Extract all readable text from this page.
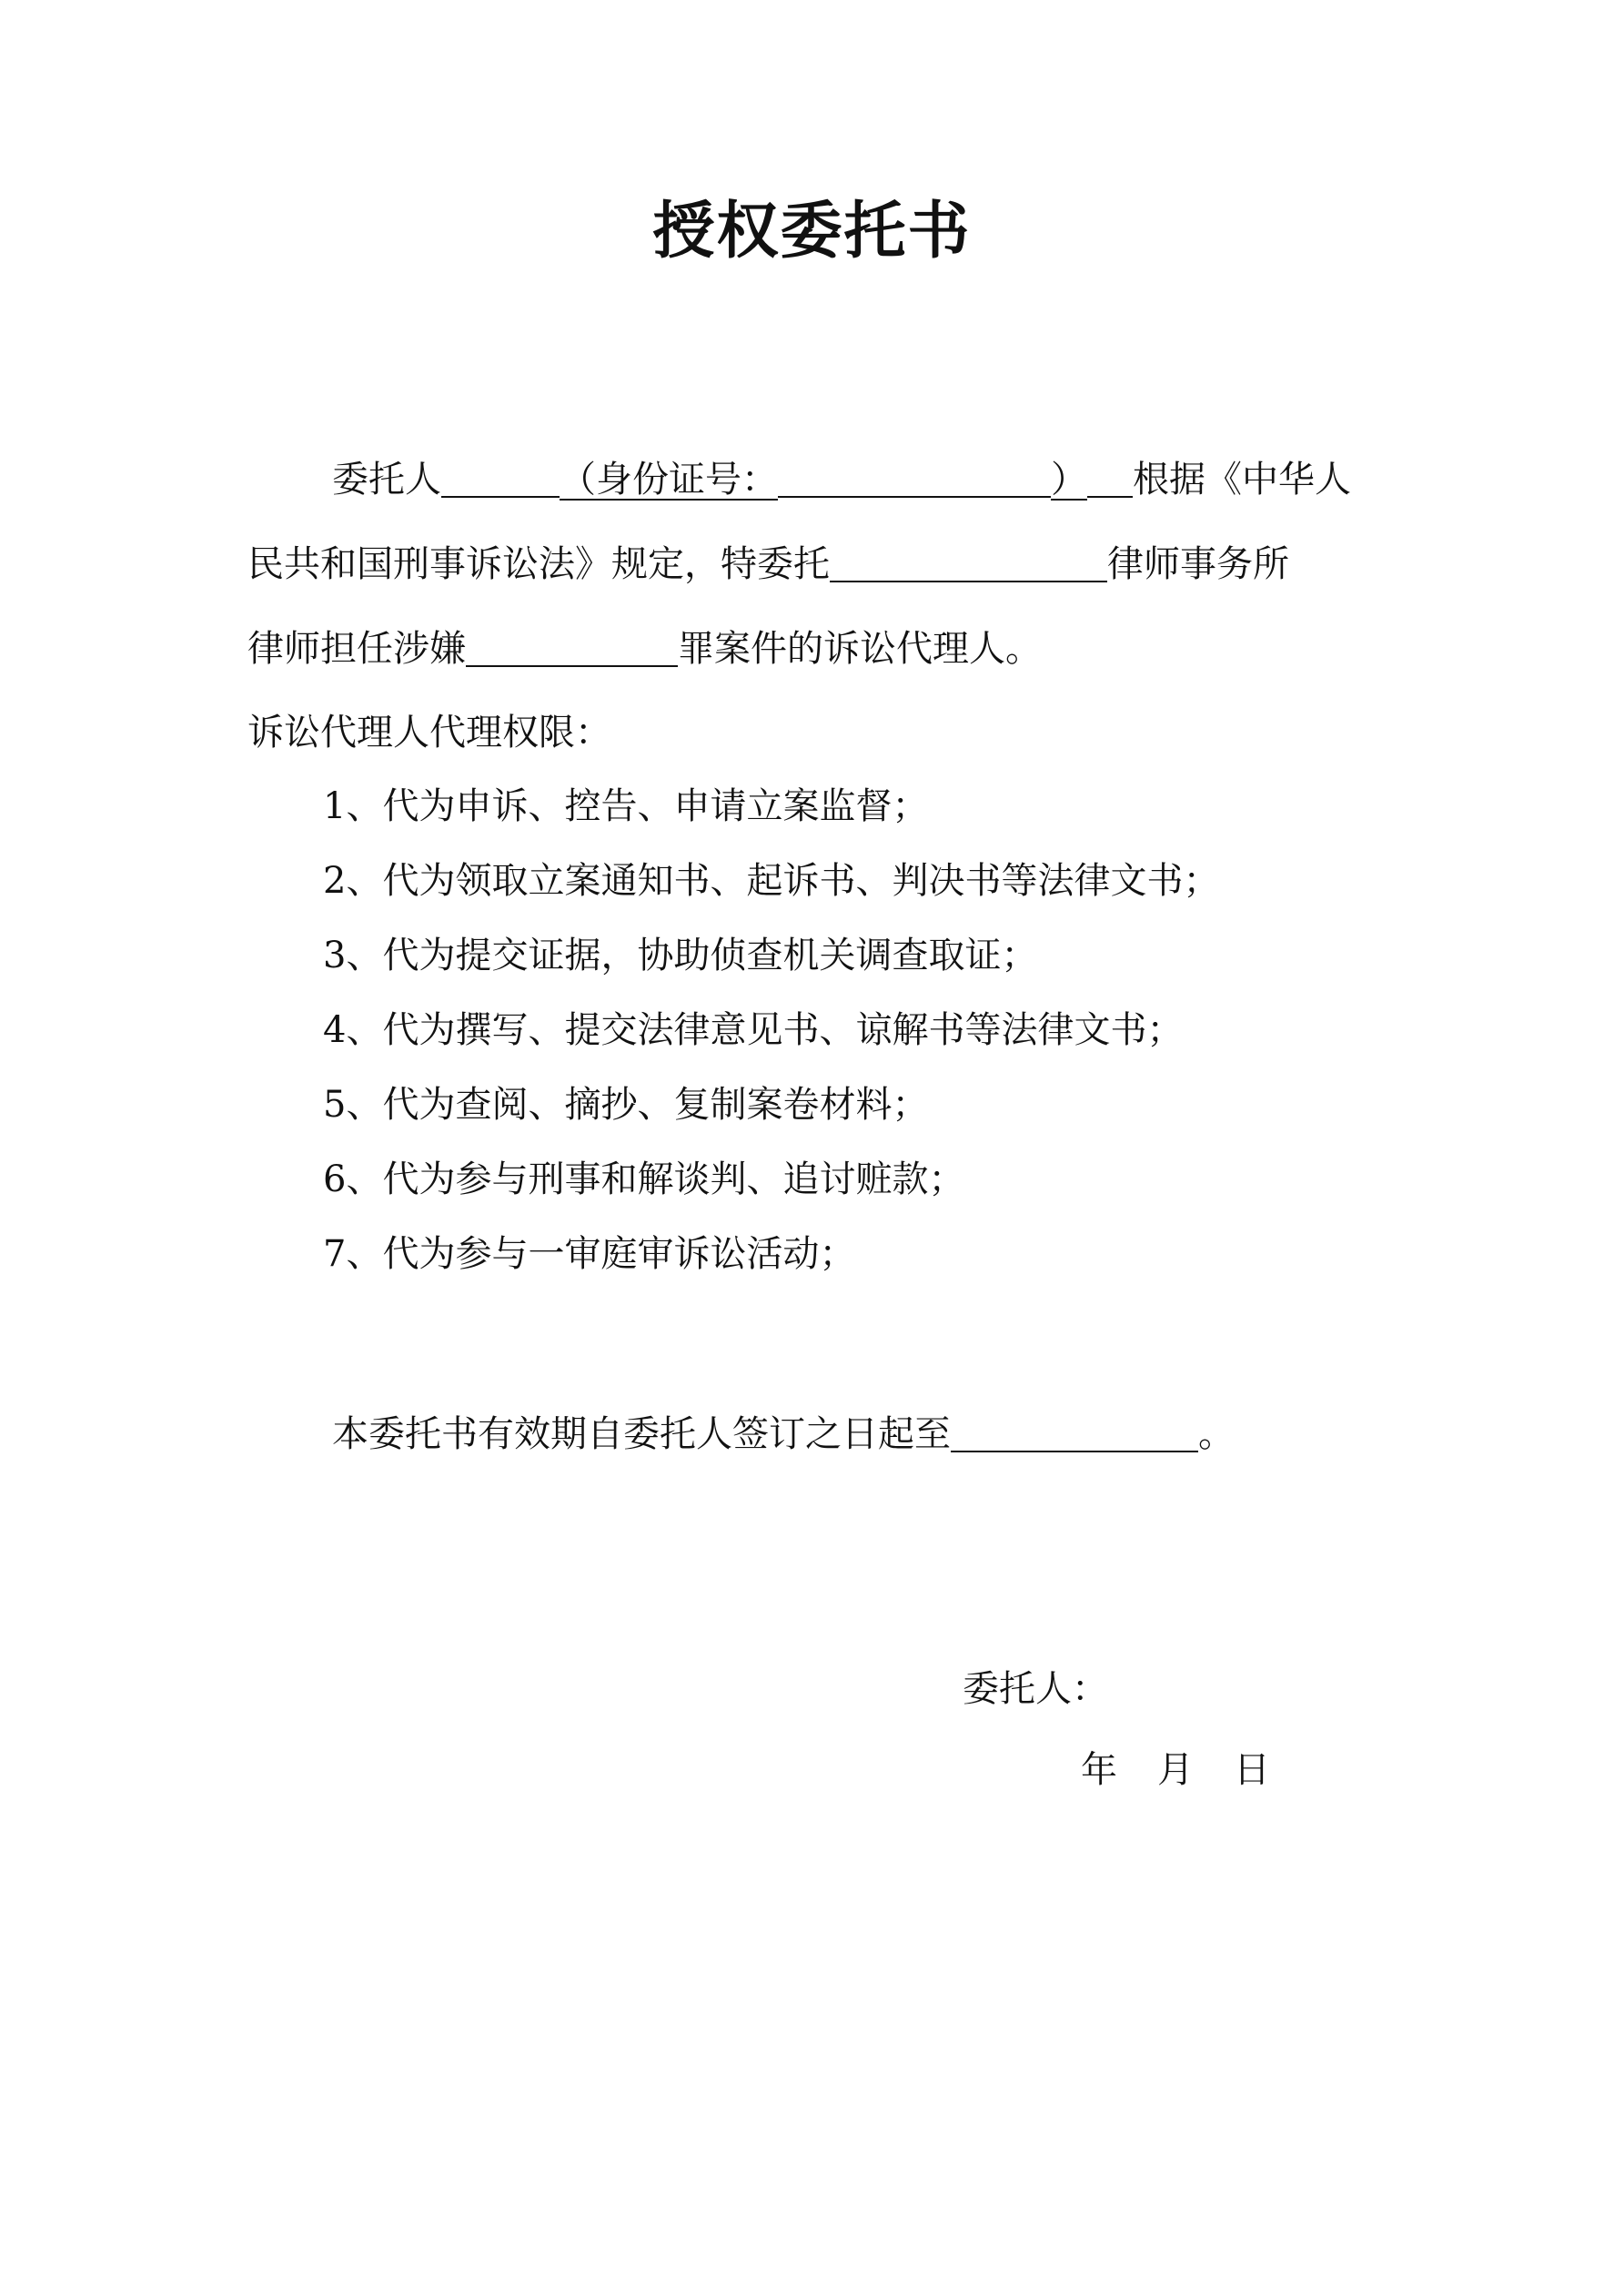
授权委托书
委托人	（身份证号：	） 根据《中华人
民共和国刑事诉讼法》规定，特委托	律师事务所
律师担任涉嫌	罪案件的诉讼代理人。
诉讼代理人代理权限：
1、代为申诉、控告、申请立案监督；
2、代为领取立案通知书、起诉书、判决书等法律文书；
3、代为提交证据，协助侦查机关调查取证；
4、代为撰写、提交法律意见书、谅解书等法律文书；
5、代为查阅、摘抄、复制案卷材料；
6、代为参与刑事和解谈判、追讨赃款；
7、代为参与一审庭审诉讼活动；
本委托书有效期自委托人签订之日起至	。
委托人：
年 月 日
